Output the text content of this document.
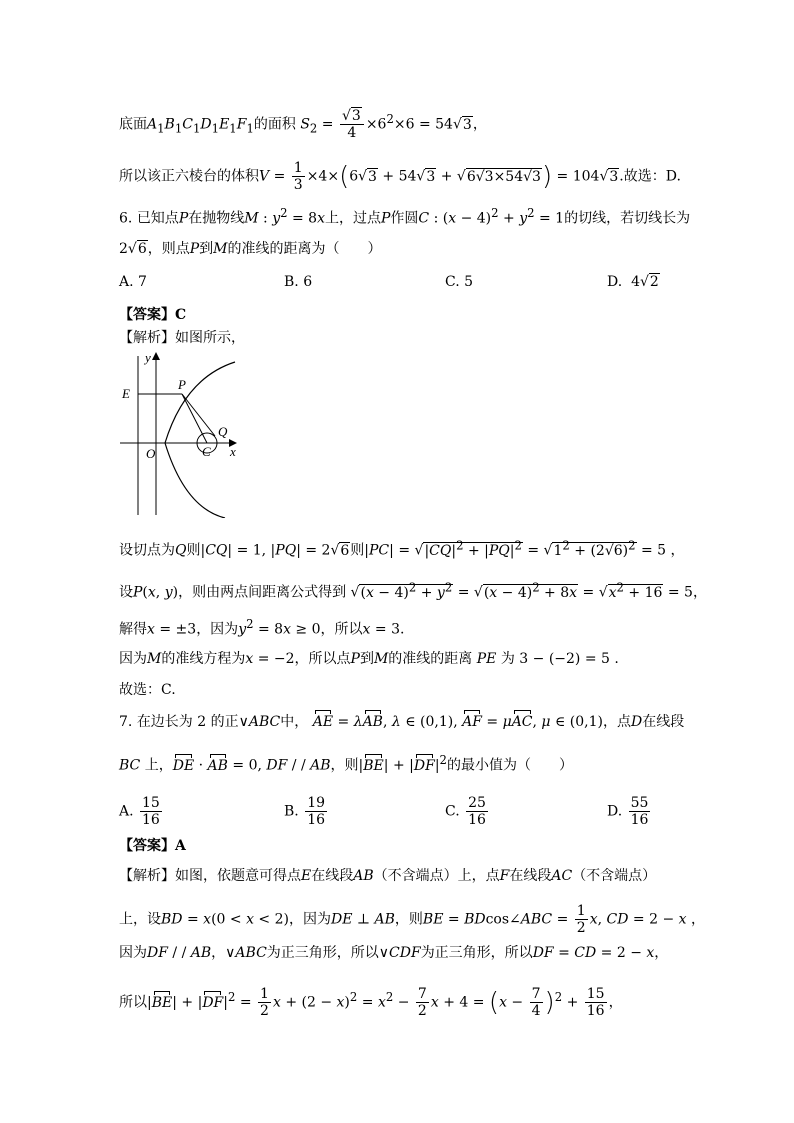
底面$A_1B_1C_1D_1E_1F_1$的面积 $S_2 = \frac{√3}{4} \times 6^2\times 6 = 54√3$，
所以该正六棱台的体积$V = \frac{1}{3} \times 4\times(6√3 + 54√3 + √6√3\times 54√3) = 104√3$.故选：D.
6. 已知点P在抛物线M : $y^2 = 8x$上，过点P作圆C : $(x - 4)^2 + y^2 = 1$的切线，若切线长为
2√6，则点P到M的准线的距离为（　　）
A. 7	B. 6	C. 5	D.  4√2
【答案】C
【解析】如图所示，
y
E
P
Q
O	C x
设切点为Q则|CQ| = 1, |PQ| = 2√6则$|PC| = √|CQ|^2 + |PQ|^2 = √1^2 + (2√6)^2 = 5$ ，
设P(x, y)，则由两点间距离公式得到 $√(x - 4)^2 + y^2 = √(x - 4)^2 + 8x = √x^2 + 16 = 5$，
解得x = ±3，因为$y^2 = 8x \ge 0$，所以x = 3.
因为M的准线方程为x = −2，所以点P到M的准线的距离 PE 为 3 − (−2) = 5 .
故选：C.
7. 在边长为 2 的正∨ABC中， AE = λAB, λ ∈ (0,1), AF = μAC, μ ∈ (0,1)，点D在线段
BC 上，DE · AB = 0, DF / / AB，则$|BE| + |DF|^2$的最小值为（　　）
A. $\frac{15}{16}$	B. $\frac{19}{16}$	C. $\frac{25}{16}$	D. $\frac{55}{16}$
【答案】A
【解析】如图，依题意可得点E在线段AB（不含端点）上，点F在线段AC（不含端点）
上，设BD = x(0 < x < 2)，因为DE ⊥ AB，则BE = BDcos∠ABC = $\frac{1}{2} x$, CD = 2 − x ，
因为DF / / AB，∨ABC为正三角形，所以∨CDF为正三角形，所以DF = CD = 2 − x，
所以$|BE| + |DF|^2 = \frac{1}{2}$ $x + (2 - x)^2 = x^2 - \frac{7}{2}$ $x + 4 = (x - \frac{7}{4} )^2 + \frac{15}{16}$ ，
